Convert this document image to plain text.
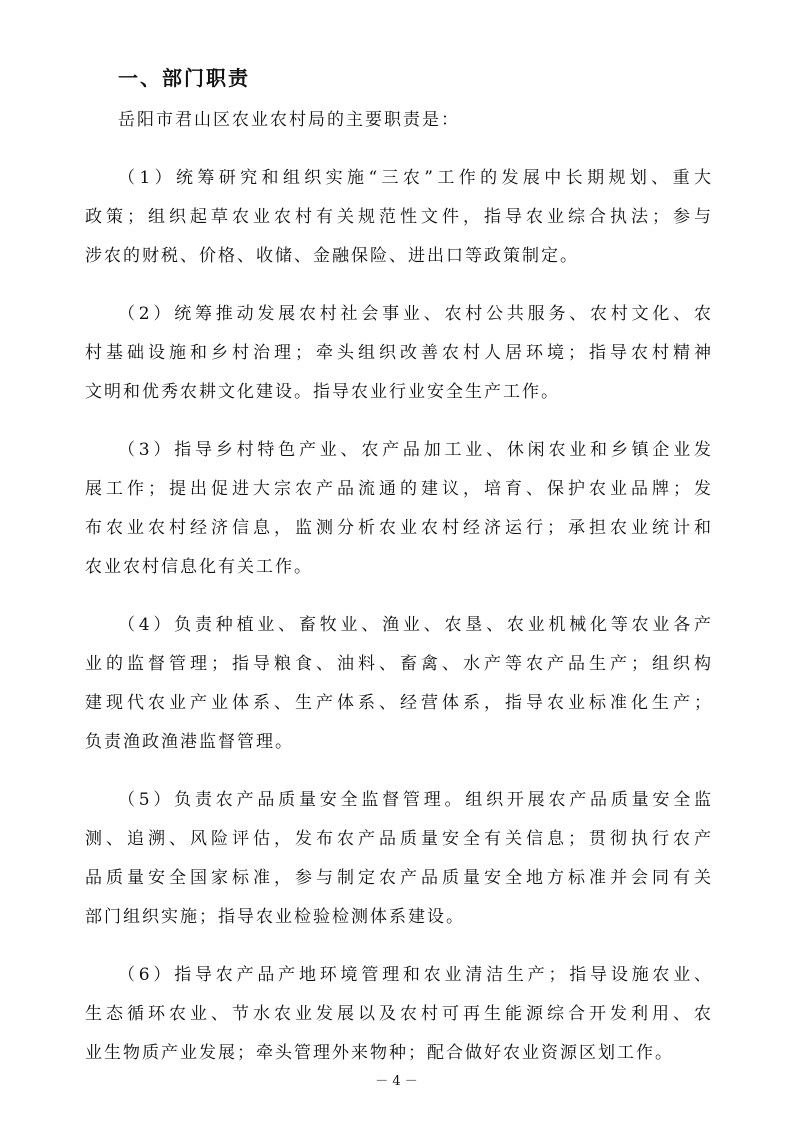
一、部门职责
岳阳市君山区农业农村局的主要职责是：
（1）统筹研究和组织实施“三农”工作的发展中长期规划、重大
政策；组织起草农业农村有关规范性文件，指导农业综合执法；参与
涉农的财税、价格、收储、金融保险、进出口等政策制定。
（2）统筹推动发展农村社会事业、农村公共服务、农村文化、农
村基础设施和乡村治理；牵头组织改善农村人居环境；指导农村精神
文明和优秀农耕文化建设。指导农业行业安全生产工作。
（3）指导乡村特色产业、农产品加工业、休闲农业和乡镇企业发
展工作；提出促进大宗农产品流通的建议，培育、保护农业品牌；发
布农业农村经济信息，监测分析农业农村经济运行；承担农业统计和
农业农村信息化有关工作。
（4）负责种植业、畜牧业、渔业、农垦、农业机械化等农业各产
业的监督管理；指导粮食、油料、畜禽、水产等农产品生产；组织构
建现代农业产业体系、生产体系、经营体系，指导农业标准化生产；
负责渔政渔港监督管理。
（5）负责农产品质量安全监督管理。组织开展农产品质量安全监
测、追溯、风险评估，发布农产品质量安全有关信息；贯彻执行农产
品质量安全国家标准，参与制定农产品质量安全地方标准并会同有关
部门组织实施；指导农业检验检测体系建设。
（6）指导农产品产地环境管理和农业清洁生产；指导设施农业、
生态循环农业、节水农业发展以及农村可再生能源综合开发利用、农
业生物质产业发展；牵头管理外来物种；配合做好农业资源区划工作。
－ 4 －
